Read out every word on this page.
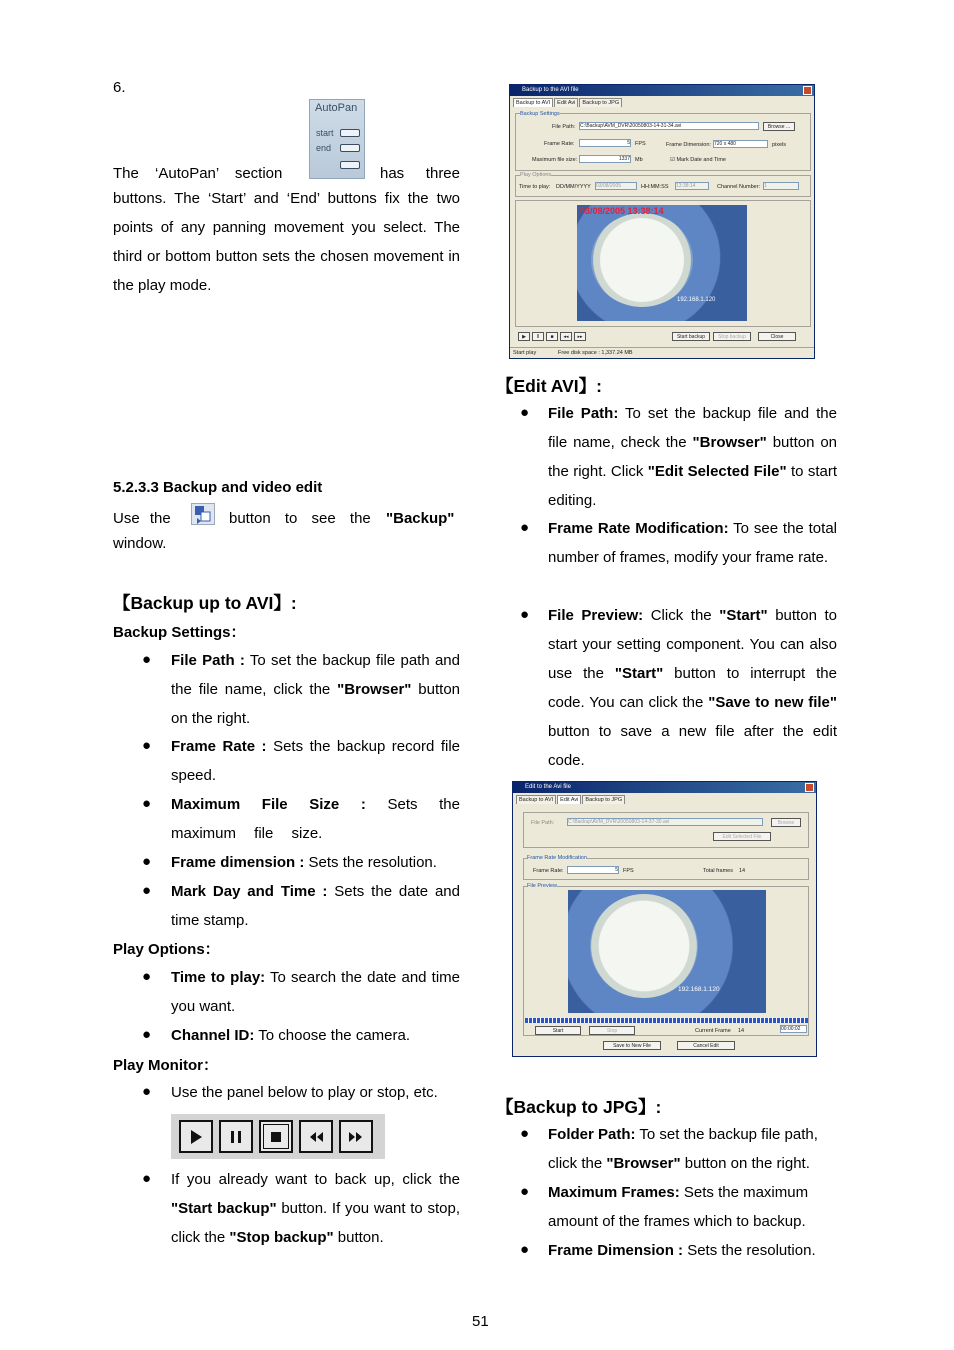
6.
AutoPan
start
end
The ‘AutoPan’ section	has three
buttons. The ‘Start’ and ‘End’ buttons fix the two points of any panning movement you select. The third or bottom button sets the chosen movement in the play mode.
5.2.3.3 Backup and video edit
Use the	button to see the "Backup"
window.
【Backup up to AVI】:
Backup Settings：
● File Path : To set the backup file path and the file name, click the "Browser" button on the right.
● Frame Rate : Sets the backup record file speed.
● Maximum File Size : Sets the maximum file size.
● Frame dimension : Sets the resolution.
● Mark Day and Time : Sets the date and time stamp.
Play Options：
● Time to play: To search the date and time you want.
● Channel ID: To choose the camera.
Play Monitor：
● Use the panel below to play or stop, etc.
● If you already want to back up, click the "Start backup" button. If you want to stop, click the "Stop backup" button.
Backup to the AVI file
Backup to AVI	Edit Avi	Backup to JPG
Backup Settings
File Path: C:\Backup\AVM_DVR\20050803-14-31-34.avi	Browse ...
Frame Rate:	5 FPS	Frame Dimension: 720 x 480	pixels
Maximum file size:	1337 Mb	☑ Mark Date and Time
Play Options
Time to play: DD/MM/YYYY 03/08/2005	HH:MM:SS 13:38:14	Channel Number: 1
03/08/2005 13:38:14
192.168.1.120
▶	II	■	◂◂	▸▸	Start backup	Stop backup	Close
Start play	Free disk space : 1,337.24 MB
【Edit AVI】:
● File Path: To set the backup file and the file name, check the "Browser" button on the right. Click "Edit Selected File" to start editing.
● Frame Rate Modification: To see the total number of frames, modify your frame rate.
● File Preview: Click the "Start" button to start your setting component. You can also use the "Start" button to interrupt the code. You can click the "Save to new file" button to save a new file after the edit code.
Edit to the Avi file
Backup to AVI	Edit Avi	Backup to JPG
File Path:	C:\Backup\AVM_DVR\20050803-14-37-30.avi	Browse
Edit Selected File
Frame Rate Modification
Frame Rate:	5 FPS	Total frames 14
File Preview
192.168.1.120
Start	Stop	Current Frame 14	00:00:02
Save to New File	Cancel Edit
【Backup to JPG】:
● Folder Path: To set the backup file path, click the "Browser" button on the right.
● Maximum Frames: Sets the maximum amount of the frames which to backup.
● Frame Dimension : Sets the resolution.
51
